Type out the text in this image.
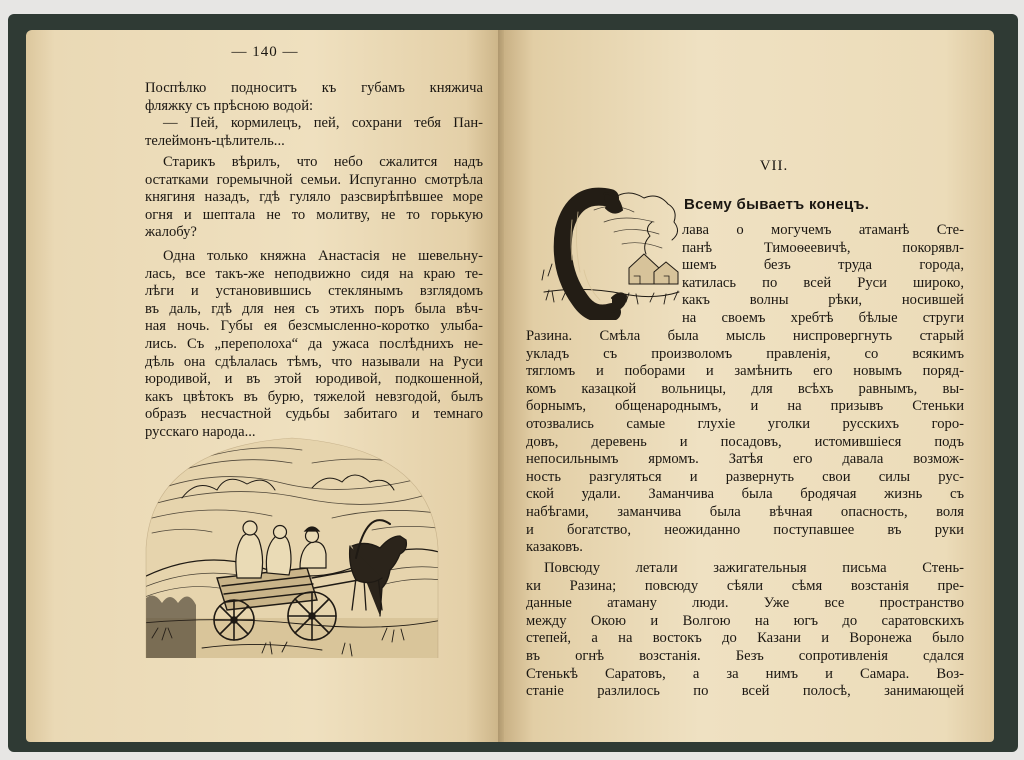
— 140 —
Поспѣлко подноситъ къ губамъ княжича
фляжку съ прѣсною водой:
— Пей, кормилецъ, пей, сохрани тебя Пан-
телеймонъ-цѣлитель...
Старикъ вѣрилъ, что небо сжалится надъ
остатками горемычной семьи. Испуганно смотрѣла
княгиня назадъ, гдѣ гуляло разсвирѣпѣвшее море
огня и шептала не то молитву, не то горькую
жалобу?
Одна только княжна Анастасія не шевельну-
лась, все такъ-же неподвижно сидя на краю те-
лѣги и установившись стеклянымъ взглядомъ
въ даль, гдѣ для нея съ этихъ поръ была вѣч-
ная ночь. Губы ея безсмысленно-коротко улыба-
лись. Съ „переполоха“ да ужаса послѣднихъ не-
дѣль она сдѣлалась тѣмъ, что называли на Руси
юродивой, и въ этой юродивой, подкошенной,
какъ цвѣтокъ въ бурю, тяжелой невзгодой, былъ
образъ несчастной судьбы забитаго и темнаго
русскаго народа...
VII.
Всему бываетъ конецъ.
лава о могучемъ атаманѣ Сте-
панѣ Тимоѳеевичѣ, покорявл-
шемъ безъ труда города,
катилась по всей Руси широко,
какъ волны рѣки, носившей
на своемъ хребтѣ бѣлые струги
Разина. Смѣла была мысль ниспровергнуть старый
укладъ съ произволомъ правленія, со всякимъ
тягломъ и поборами и замѣнить его новымъ поряд-
комъ казацкой вольницы, для всѣхъ равнымъ, вы-
борнымъ, общенароднымъ, и на призывъ Стеньки
отозвались самые глухіе уголки русскихъ горо-
довъ, деревень и посадовъ, истомившіеся подъ
непосильнымъ ярмомъ. Затѣя его давала возмож-
ность разгуляться и развернуть свои силы рус-
ской удали. Заманчива была бродячая жизнь съ
набѣгами, заманчива была вѣчная опасность, воля
и богатство, неожиданно поступавшее въ руки
казаковъ.
Повсюду летали зажигательныя письма Стень-
ки Разина; повсюду сѣяли сѣмя возстанія пре-
данные атаману люди. Уже все пространство
между Окою и Волгою на югъ до саратовскихъ
степей, а на востокъ до Казани и Воронежа было
въ огнѣ возстанія. Безъ сопротивленія сдался
Стенькѣ Саратовъ, а за нимъ и Самара. Воз-
станіе разлилось по всей полосѣ, занимающей
